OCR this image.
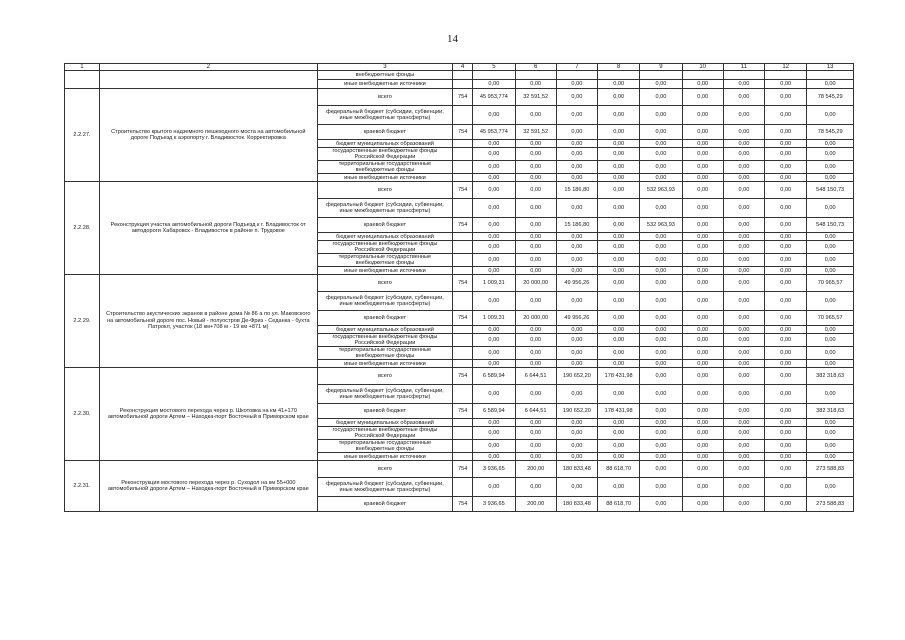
14
1	2	3	4	5	6	7	8	9	10	11	12	13
		внебюджетные фонды										
		иные внебюджетные источники		0,00	0,00	0,00	0,00	0,00	0,00	0,00	0,00	0,00
2.2.27.	Строительство крытого надземного пешеходного моста на автомобильной дороге Подъезд к аэропорту г. Владивосток. Корректировка	всего	754	45 953,774	32 591,52	0,00	0,00	0,00	0,00	0,00	0,00	78 545,29
		федеральный бюджет (субсидии, субвенции, иные межбюджетные трансферты)		0,00	0,00	0,00	0,00	0,00	0,00	0,00	0,00	0,00
		краевой бюджет	754	45 953,774	32 591,52	0,00	0,00	0,00	0,00	0,00	0,00	78 545,29
		бюджет муниципальных образований		0,00	0,00	0,00	0,00	0,00	0,00	0,00	0,00	0,00
		государственные внебюджетные фонды Российской Федерации		0,00	0,00	0,00	0,00	0,00	0,00	0,00	0,00	0,00
		территориальные государственные внебюджетные фонды		0,00	0,00	0,00	0,00	0,00	0,00	0,00	0,00	0,00
		иные внебюджетные источники		0,00	0,00	0,00	0,00	0,00	0,00	0,00	0,00	0,00
2.2.28.	Реконструкция участка автомобильной дороги Подъезд к г. Владивосток от автодороги Хабаровск - Владивосток в районе п. Трудовое	всего	754	0,00	0,00	15 186,80	0,00	532 963,93	0,00	0,00	0,00	548 150,73
		федеральный бюджет (субсидии, субвенции, иные межбюджетные трансферты)		0,00	0,00	0,00	0,00	0,00	0,00	0,00	0,00	0,00
		краевой бюджет	754	0,00	0,00	15 186,80	0,00	532 963,93	0,00	0,00	0,00	548 150,73
		бюджет муниципальных образований		0,00	0,00	0,00	0,00	0,00	0,00	0,00	0,00	0,00
		государственные внебюджетные фонды Российской Федерации		0,00	0,00	0,00	0,00	0,00	0,00	0,00	0,00	0,00
		территориальные государственные внебюджетные фонды		0,00	0,00	0,00	0,00	0,00	0,00	0,00	0,00	0,00
		иные внебюджетные источники		0,00	0,00	0,00	0,00	0,00	0,00	0,00	0,00	0,00
2.2.29.	Строительство акустических экранов в районе дома № 86 а по ул. Маковского на автомобильной дороге пос. Новый - полуостров Де-Фриз - Седанка - бухта Патрокл, участок (18 км+708 м - 19 км +871 м)	всего	754	1 009,31	20 000,00	49 956,26	0,00	0,00	0,00	0,00	0,00	70 965,57
		федеральный бюджет (субсидии, субвенции, иные межбюджетные трансферты)		0,00	0,00	0,00	0,00	0,00	0,00	0,00	0,00	0,00
		краевой бюджет	754	1 009,31	20 000,00	49 956,26	0,00	0,00	0,00	0,00	0,00	70 965,57
		бюджет муниципальных образований		0,00	0,00	0,00	0,00	0,00	0,00	0,00	0,00	0,00
		государственные внебюджетные фонды Российской Федерации		0,00	0,00	0,00	0,00	0,00	0,00	0,00	0,00	0,00
		территориальные государственные внебюджетные фонды		0,00	0,00	0,00	0,00	0,00	0,00	0,00	0,00	0,00
		иные внебюджетные источники		0,00	0,00	0,00	0,00	0,00	0,00	0,00	0,00	0,00
2.2.30.	Реконструкция мостового перехода через р. Шкотовка на км 41+170 автомобильной дороги Артем – Находка-порт Восточный в Приморском крае	всего	754	6 589,94	6 644,51	190 652,20	178 431,98	0,00	0,00	0,00	0,00	382 318,63
		федеральный бюджет (субсидии, субвенции, иные межбюджетные трансферты)		0,00	0,00	0,00	0,00	0,00	0,00	0,00	0,00	0,00
		краевой бюджет	754	6 589,94	6 644,51	190 652,20	178 431,98	0,00	0,00	0,00	0,00	382 318,63
		бюджет муниципальных образований		0,00	0,00	0,00	0,00	0,00	0,00	0,00	0,00	0,00
		государственные внебюджетные фонды Российской Федерации		0,00	0,00	0,00	0,00	0,00	0,00	0,00	0,00	0,00
		территориальные государственные внебюджетные фонды		0,00	0,00	0,00	0,00	0,00	0,00	0,00	0,00	0,00
		иные внебюджетные источники		0,00	0,00	0,00	0,00	0,00	0,00	0,00	0,00	0,00
2.2.31.	Реконструкция мостового перехода через р. Суходол на км 55+000 автомобильной дороги Артем – Находка-порт Восточный в Приморском крае	всего	754	3 936,65	200,00	180 833,48	88 618,70	0,00	0,00	0,00	0,00	273 588,83
		федеральный бюджет (субсидии, субвенции, иные межбюджетные трансферты)		0,00	0,00	0,00	0,00	0,00	0,00	0,00	0,00	0,00
		краевой бюджет	754	3 936,65	200,00	180 833,48	88 618,70	0,00	0,00	0,00	0,00	273 588,83
